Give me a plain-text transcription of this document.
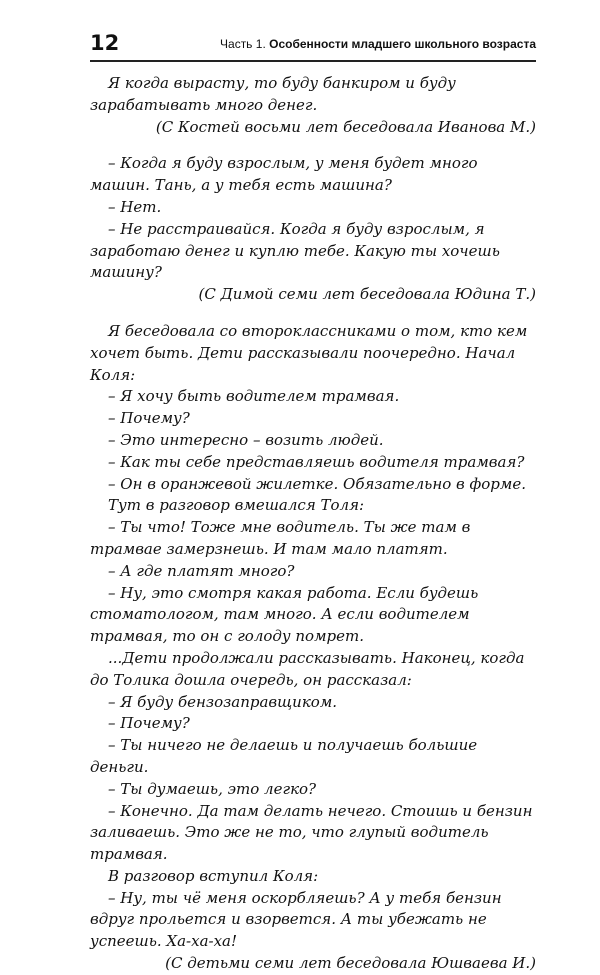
12	Часть 1. Особенности младшего школьного возраста

Я когда вырасту, то буду банкиром и буду зарабатывать много денег.

(С Костей восьми лет беседовала Иванова М.)

– Когда я буду взрослым, у меня будет много машин. Тань, а у тебя есть машина?

– Нет.

– Не расстраивайся. Когда я буду взрослым, я заработаю денег и куплю тебе. Какую ты хочешь машину?

(С Димой семи лет беседовала Юдина Т.)

Я беседовала со второклассниками о том, кто кем хочет быть. Дети рассказывали поочередно. Начал Коля:

– Я хочу быть водителем трамвая.

– Почему?

– Это интересно – возить людей.

– Как ты себе представляешь водителя трамвая?

– Он в оранжевой жилетке. Обязательно в форме.

Тут в разговор вмешался Толя:

– Ты что! Тоже мне водитель. Ты же там в трамвае замерзнешь. И там мало платят.

– А где платят много?

– Ну, это смотря какая работа. Если будешь стоматологом, там много. А если водителем трамвая, то он с голоду помрет.

...Дети продолжали рассказывать. Наконец, когда до Толика дошла очередь, он рассказал:

– Я буду бензозаправщиком.

– Почему?

– Ты ничего не делаешь и получаешь большие деньги.

– Ты думаешь, это легко?

– Конечно. Да там делать нечего. Стоишь и бензин заливаешь. Это же не то, что глупый водитель трамвая.

В разговор вступил Коля:

– Ну, ты чё меня оскорбляешь? А у тебя бензин вдруг прольется и взорвется. А ты убежать не успеешь. Ха-ха-ха!

(С детьми семи лет беседовала Юшваева И.)
